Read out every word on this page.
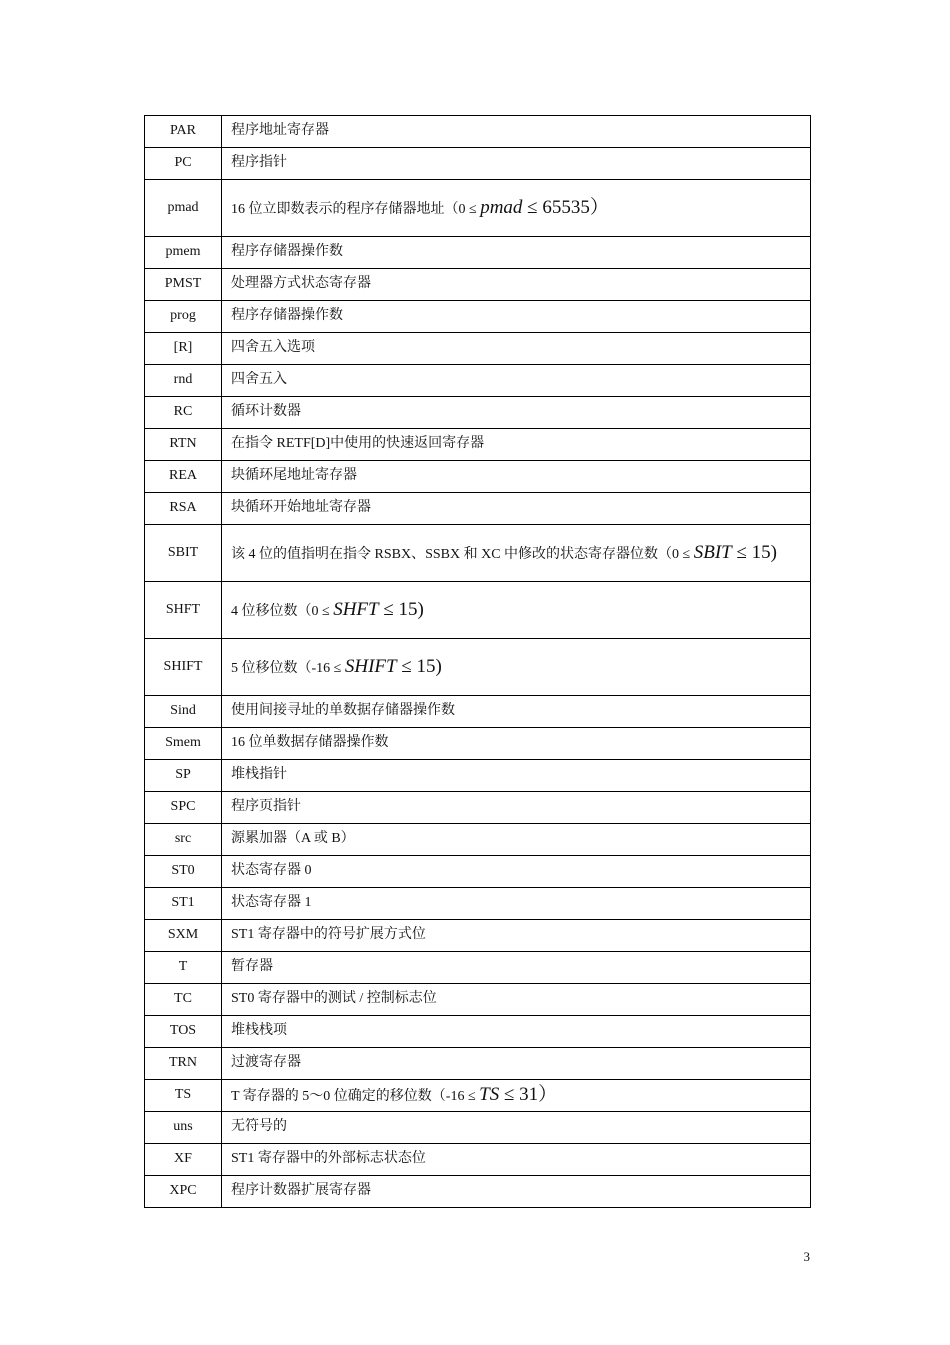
PAR	程序地址寄存器
PC	程序指针
pmad	16 位立即数表示的程序存储器地址（0 ≤ pmad ≤ 65535）
pmem	程序存储器操作数
PMST	处理器方式状态寄存器
prog	程序存储器操作数
[R]	四舍五入选项
rnd	四舍五入
RC	循环计数器
RTN	在指令 RETF[D]中使用的快速返回寄存器
REA	块循环尾地址寄存器
RSA	块循环开始地址寄存器
SBIT	该 4 位的值指明在指令 RSBX、SSBX 和 XC 中修改的状态寄存器位数（0 ≤ SBIT ≤ 15)
SHFT	4 位移位数（0 ≤ SHFT ≤ 15)
SHIFT	5 位移位数（-16 ≤ SHIFT ≤ 15)
Sind	使用间接寻址的单数据存储器操作数
Smem	16 位单数据存储器操作数
SP	堆栈指针
SPC	程序页指针
src	源累加器（A 或 B）
ST0	状态寄存器 0
ST1	状态寄存器 1
SXM	ST1 寄存器中的符号扩展方式位
T	暂存器
TC	ST0 寄存器中的测试 / 控制标志位
TOS	堆栈栈项
TRN	过渡寄存器
TS	T 寄存器的 5～0 位确定的移位数（-16 ≤ TS ≤ 31）
uns	无符号的
XF	ST1 寄存器中的外部标志状态位
XPC	程序计数器扩展寄存器
3
